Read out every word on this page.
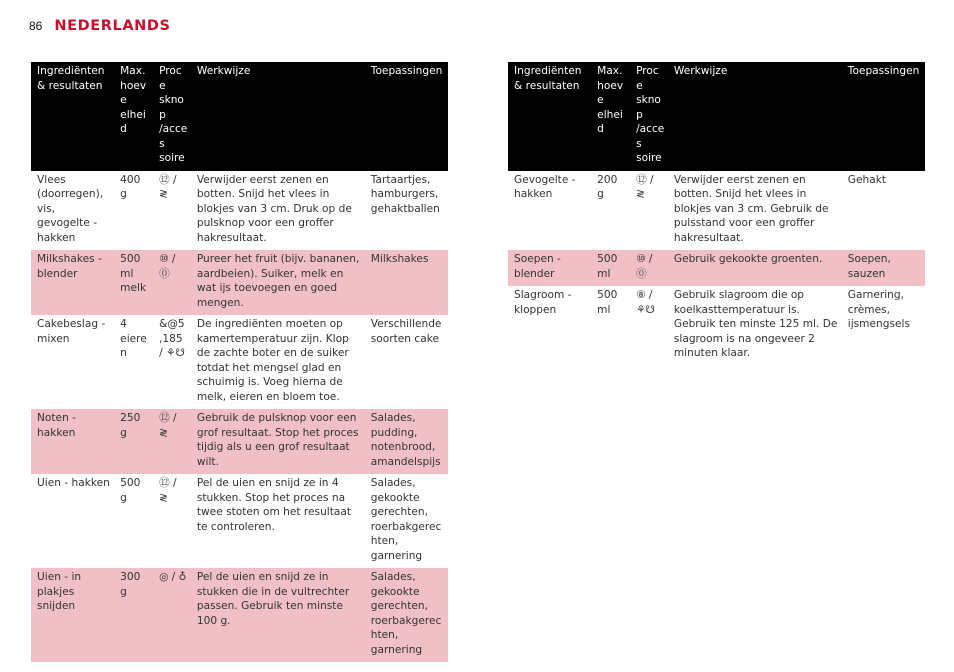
86 NEDERLANDS
Ingrediënten & resultaten	Max. hoeve elheid	Proce sknop /acces soire	Werkwijze	Toepassingen
Vlees (doorregen), vis, gevogelte - hakken	400 g	⑫ / ≷	Verwijder eerst zenen en botten. Snijd het vlees in blokjes van 3 cm. Druk op de pulsknop voor een groffer hakresultaat.	Tartaartjes, hamburgers, gehaktballen
Milkshakes - blender	500 ml melk	⑩ / ⓪	Pureer het fruit (bijv. bananen, aardbeien). Suiker, melk en wat ijs toevoegen en goed mengen.	Milkshakes
Cakebeslag - mixen	4 eieren	&@5,185 / ⚘☋	De ingrediënten moeten op kamertemperatuur zijn. Klop de zachte boter en de suiker totdat het mengsel glad en schuimig is. Voeg hierna de melk, eieren en bloem toe.	Verschillende soorten cake
Noten - hakken	250 g	⑫ / ≷	Gebruik de pulsknop voor een grof resultaat. Stop het proces tijdig als u een grof resultaat wilt.	Salades, pudding, notenbrood, amandelspijs
Uien - hakken	500 g	⑫ / ≷	Pel de uien en snijd ze in 4 stukken. Stop het proces na twee stoten om het resultaat te controleren.	Salades, gekookte gerechten, roerbakgerechten, garnering
Uien - in plakjes snijden	300 g	◎ / ♁	Pel de uien en snijd ze in stukken die in de vultrechter passen. Gebruik ten minste 100 g.	Salades, gekookte gerechten, roerbakgerechten, garnering
Ingrediënten & resultaten	Max. hoeve elheid	Proce sknop /acces soire	Werkwijze	Toepassingen
Gevogelte - hakken	200 g	⑫ / ≷	Verwijder eerst zenen en botten. Snijd het vlees in blokjes van 3 cm. Gebruik de pulsstand voor een groffer hakresultaat.	Gehakt
Soepen - blender	500 ml	⑩ / ⓪	Gebruik gekookte groenten.	Soepen, sauzen
Slagroom - kloppen	500 ml	⑧ / ⚘☋	Gebruik slagroom die op koelkasttemperatuur is. Gebruik ten minste 125 ml. De slagroom is na ongeveer 2 minuten klaar.	Garnering, crèmes, ijsmengsels
